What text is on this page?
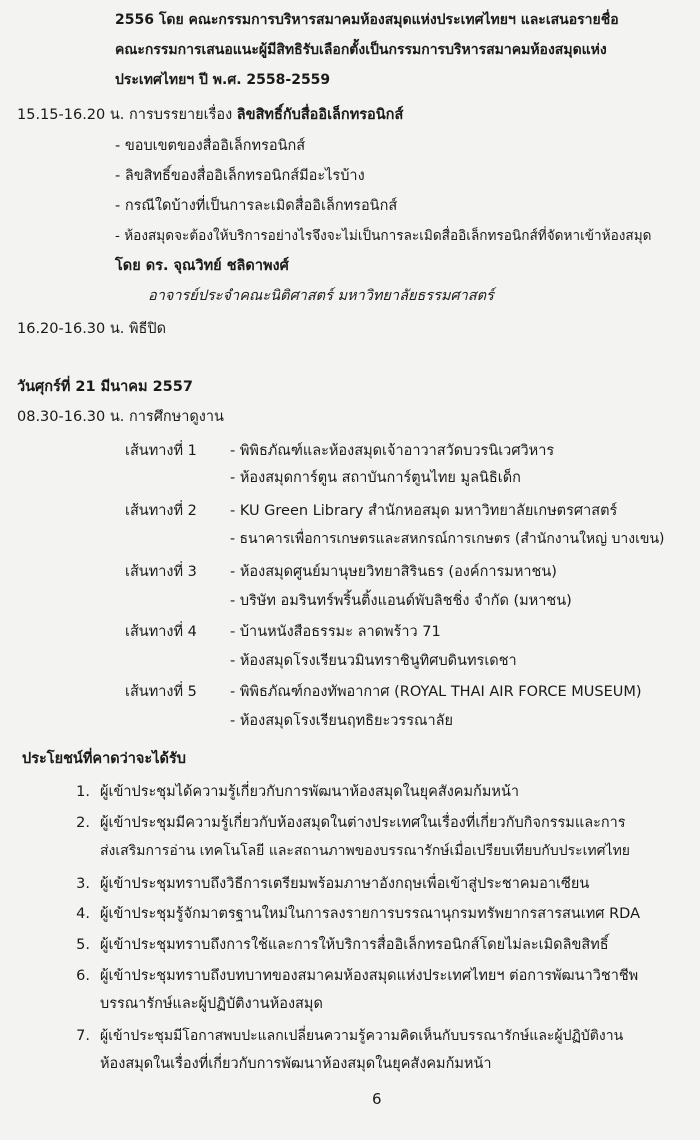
2556 โดย คณะกรรมการบริหารสมาคมห้องสมุดแห่งประเทศไทยฯ และเสนอรายชื่อ
คณะกรรมการเสนอแนะผู้มีสิทธิรับเลือกตั้งเป็นกรรมการบริหารสมาคมห้องสมุดแห่ง
ประเทศไทยฯ ปี พ.ศ. 2558-2559
15.15-16.20 น. การบรรยายเรื่อง ลิขสิทธิ์กับสื่ออิเล็กทรอนิกส์
- ขอบเขตของสื่ออิเล็กทรอนิกส์
- ลิขสิทธิ์ของสื่ออิเล็กทรอนิกส์มีอะไรบ้าง
- กรณีใดบ้างที่เป็นการละเมิดสื่ออิเล็กทรอนิกส์
- ห้องสมุดจะต้องให้บริการอย่างไรจึงจะไม่เป็นการละเมิดสื่ออิเล็กทรอนิกส์ที่จัดหาเข้าห้องสมุด
โดย ดร. จุณวิทย์ ชลิดาพงศ์
อาจารย์ประจำคณะนิติศาสตร์ มหาวิทยาลัยธรรมศาสตร์
16.20-16.30 น. พิธีปิด
วันศุกร์ที่ 21 มีนาคม 2557
08.30-16.30 น. การศึกษาดูงาน
เส้นทางที่ 1 - พิพิธภัณฑ์และห้องสมุดเจ้าอาวาสวัดบวรนิเวศวิหาร
- ห้องสมุดการ์ตูน สถาบันการ์ตูนไทย มูลนิธิเด็ก
เส้นทางที่ 2 - KU Green Library สำนักหอสมุด มหาวิทยาลัยเกษตรศาสตร์
- ธนาคารเพื่อการเกษตรและสหกรณ์การเกษตร (สำนักงานใหญ่ บางเขน)
เส้นทางที่ 3 - ห้องสมุดศูนย์มานุษยวิทยาสิรินธร (องค์การมหาชน)
- บริษัท อมรินทร์พริ้นติ้งแอนด์พับลิชชิ่ง จำกัด (มหาชน)
เส้นทางที่ 4 - บ้านหนังสือธรรมะ ลาดพร้าว 71
- ห้องสมุดโรงเรียนวมินทราชินูทิศบดินทรเดชา
เส้นทางที่ 5 - พิพิธภัณฑ์กองทัพอากาศ (ROYAL THAI AIR FORCE MUSEUM)
- ห้องสมุดโรงเรียนฤทธิยะวรรณาลัย
ประโยชน์ที่คาดว่าจะได้รับ
1. ผู้เข้าประชุมได้ความรู้เกี่ยวกับการพัฒนาห้องสมุดในยุคสังคมก้มหน้า
2. ผู้เข้าประชุมมีความรู้เกี่ยวกับห้องสมุดในต่างประเทศในเรื่องที่เกี่ยวกับกิจกรรมและการ
ส่งเสริมการอ่าน เทคโนโลยี และสถานภาพของบรรณารักษ์เมื่อเปรียบเทียบกับประเทศไทย
3. ผู้เข้าประชุมทราบถึงวิธีการเตรียมพร้อมภาษาอังกฤษเพื่อเข้าสู่ประชาคมอาเซียน
4. ผู้เข้าประชุมรู้จักมาตรฐานใหม่ในการลงรายการบรรณานุกรมทรัพยากรสารสนเทศ RDA
5. ผู้เข้าประชุมทราบถึงการใช้และการให้บริการสื่ออิเล็กทรอนิกส์โดยไม่ละเมิดลิขสิทธิ์
6. ผู้เข้าประชุมทราบถึงบทบาทของสมาคมห้องสมุดแห่งประเทศไทยฯ ต่อการพัฒนาวิชาชีพ
บรรณารักษ์และผู้ปฏิบัติงานห้องสมุด
7. ผู้เข้าประชุมมีโอกาสพบปะแลกเปลี่ยนความรู้ความคิดเห็นกับบรรณารักษ์และผู้ปฏิบัติงาน
ห้องสมุดในเรื่องที่เกี่ยวกับการพัฒนาห้องสมุดในยุคสังคมก้มหน้า
6
